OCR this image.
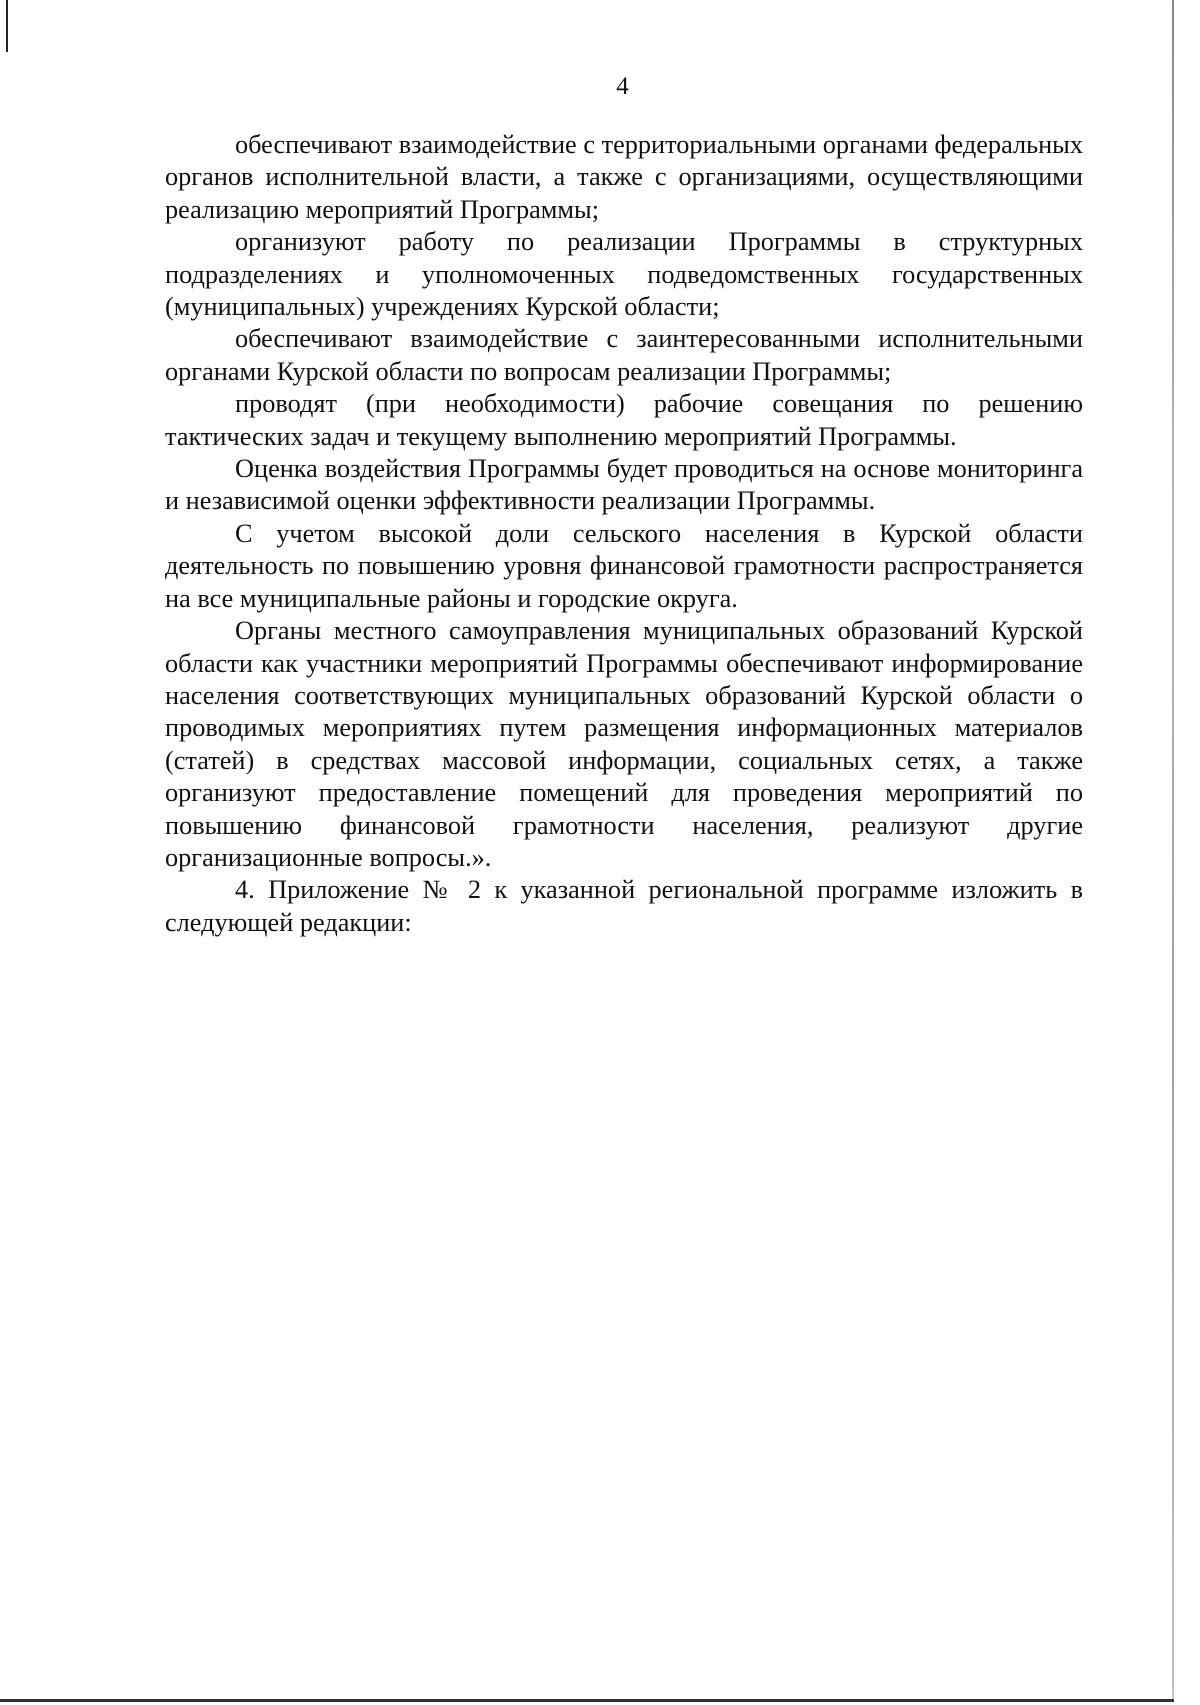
4

обеспечивают взаимодействие с территориальными органами федеральных органов исполнительной власти, а также с организациями, осуществляющими реализацию мероприятий Программы;

организуют работу по реализации Программы в структурных подразделениях и уполномоченных подведомственных государственных (муниципальных) учреждениях Курской области;

обеспечивают взаимодействие с заинтересованными исполнительными органами Курской области по вопросам реализации Программы;

проводят (при необходимости) рабочие совещания по решению тактических задач и текущему выполнению мероприятий Программы.

Оценка воздействия Программы будет проводиться на основе мониторинга и независимой оценки эффективности реализации Программы.

С учетом высокой доли сельского населения в Курской области деятельность по повышению уровня финансовой грамотности распространяется на все муниципальные районы и городские округа.

Органы местного самоуправления муниципальных образований Курской области как участники мероприятий Программы обеспечивают информирование населения соответствующих муниципальных образований Курской области о проводимых мероприятиях путем размещения информационных материалов (статей) в средствах массовой информации, социальных сетях, а также организуют предоставление помещений для проведения мероприятий по повышению финансовой грамотности населения, реализуют другие организационные вопросы.».

4. Приложение № 2 к указанной региональной программе изложить в следующей редакции:
